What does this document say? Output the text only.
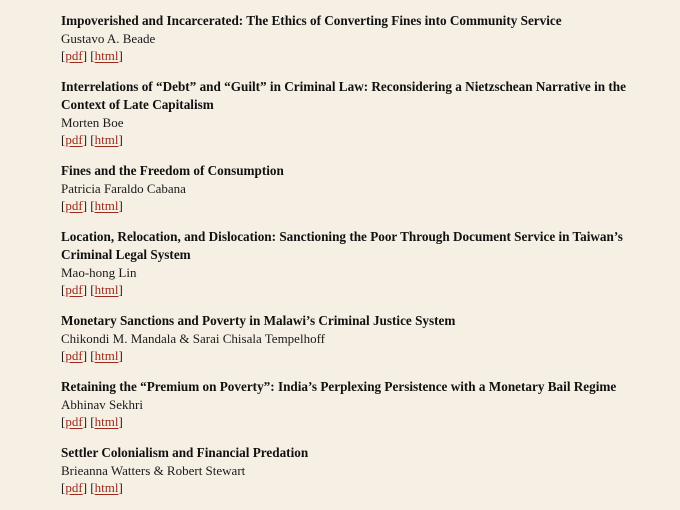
Impoverished and Incarcerated: The Ethics of Converting Fines into Community Service
Gustavo A. Beade
[pdf] [html]
Interrelations of “Debt” and “Guilt” in Criminal Law: Reconsidering a Nietzschean Narrative in the Context of Late Capitalism
Morten Boe
[pdf] [html]
Fines and the Freedom of Consumption
Patricia Faraldo Cabana
[pdf] [html]
Location, Relocation, and Dislocation: Sanctioning the Poor Through Document Service in Taiwan’s Criminal Legal System
Mao-hong Lin
[pdf] [html]
Monetary Sanctions and Poverty in Malawi’s Criminal Justice System
Chikondi M. Mandala & Sarai Chisala Tempelhoff
[pdf] [html]
Retaining the “Premium on Poverty”: India’s Perplexing Persistence with a Monetary Bail Regime
Abhinav Sekhri
[pdf] [html]
Settler Colonialism and Financial Predation
Brieanna Watters & Robert Stewart
[pdf] [html]
